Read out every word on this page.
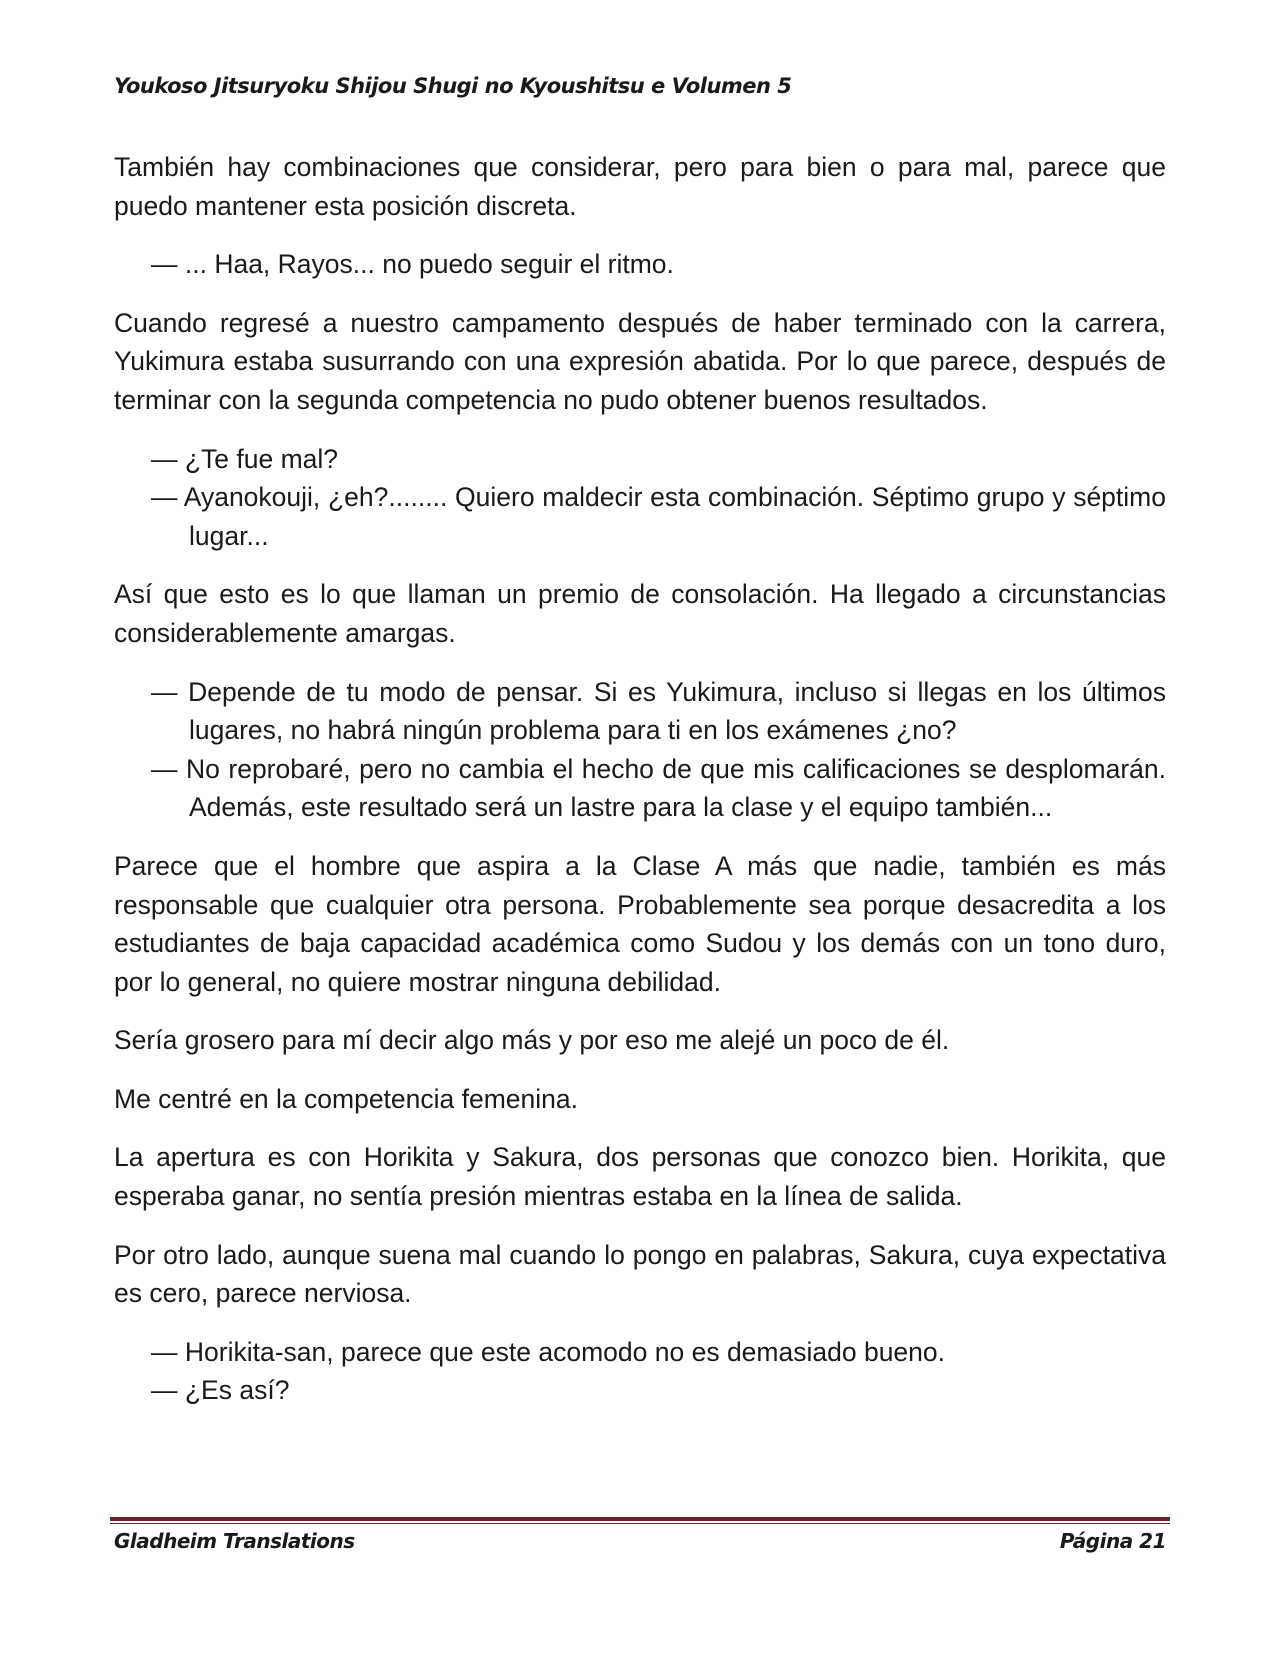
Youkoso Jitsuryoku Shijou Shugi no Kyoushitsu e Volumen 5

También hay combinaciones que considerar, pero para bien o para mal, parece que puedo mantener esta posición discreta.

— ... Haa, Rayos... no puedo seguir el ritmo.

Cuando regresé a nuestro campamento después de haber terminado con la carrera, Yukimura estaba susurrando con una expresión abatida. Por lo que parece, después de terminar con la segunda competencia no pudo obtener buenos resultados.

— ¿Te fue mal?
— Ayanokouji, ¿eh?........ Quiero maldecir esta combinación. Séptimo grupo y séptimo lugar...

Así que esto es lo que llaman un premio de consolación. Ha llegado a circunstancias considerablemente amargas.

— Depende de tu modo de pensar. Si es Yukimura, incluso si llegas en los últimos lugares, no habrá ningún problema para ti en los exámenes ¿no?
— No reprobaré, pero no cambia el hecho de que mis calificaciones se desplomarán. Además, este resultado será un lastre para la clase y el equipo también...

Parece que el hombre que aspira a la Clase A más que nadie, también es más responsable que cualquier otra persona. Probablemente sea porque desacredita a los estudiantes de baja capacidad académica como Sudou y los demás con un tono duro, por lo general, no quiere mostrar ninguna debilidad.

Sería grosero para mí decir algo más y por eso me alejé un poco de él.

Me centré en la competencia femenina.

La apertura es con Horikita y Sakura, dos personas que conozco bien. Horikita, que esperaba ganar, no sentía presión mientras estaba en la línea de salida.

Por otro lado, aunque suena mal cuando lo pongo en palabras, Sakura, cuya expectativa es cero, parece nerviosa.

— Horikita-san, parece que este acomodo no es demasiado bueno.
— ¿Es así?
Gladheim Translations	Página 21
